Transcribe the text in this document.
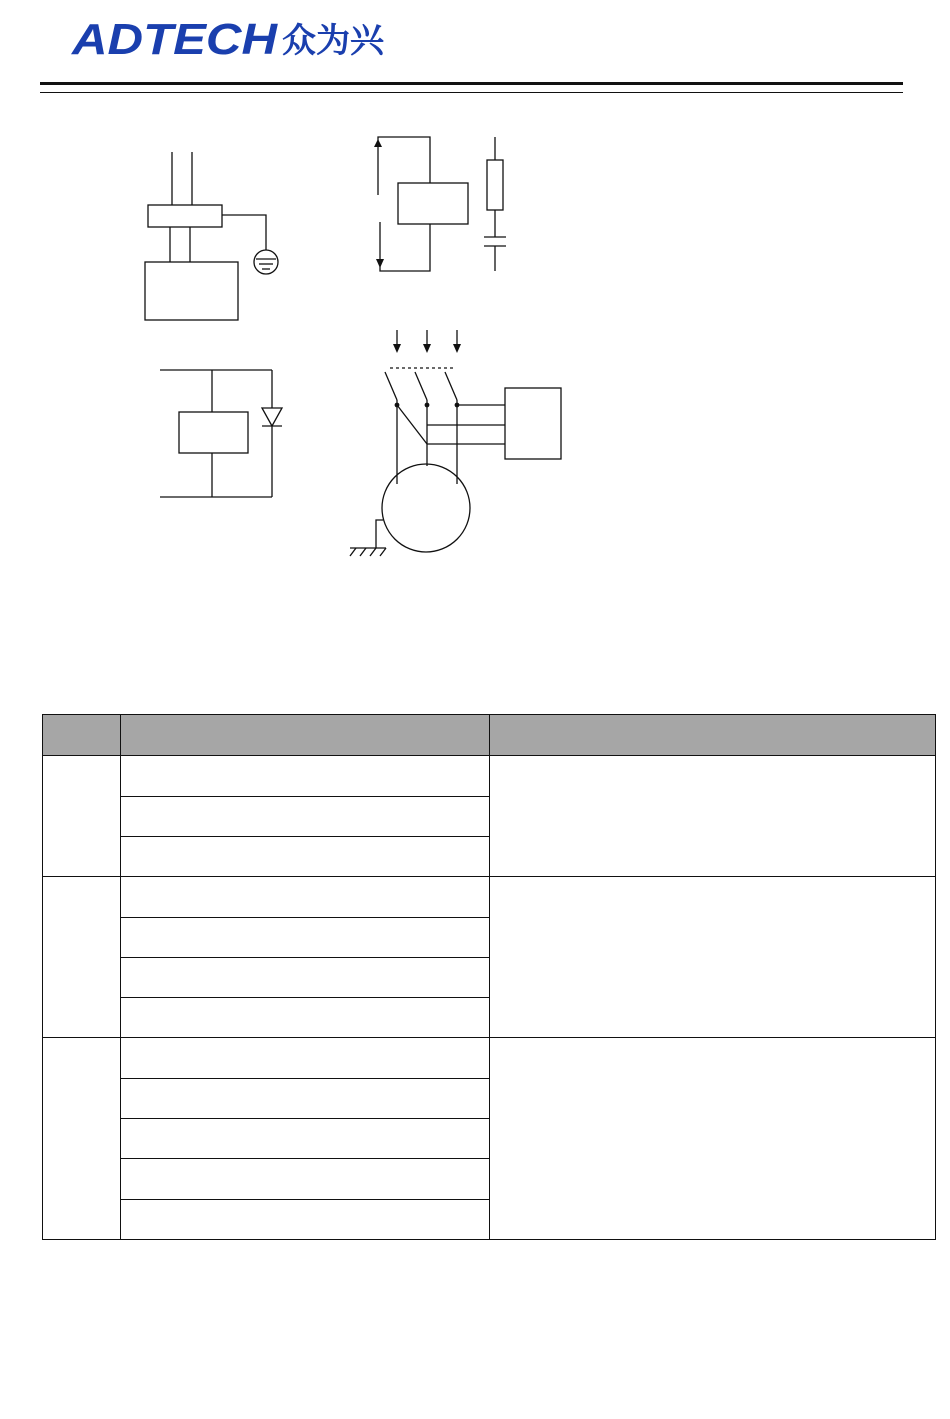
ADTECH 众为兴
AC220V
L N
Filter
L N
Switching
power supply
图　1-4
AC220V
图 1-5
0V
+24V
Fig. 1-6
KM
Surge
absorber
M
3～
Fig.1-7
